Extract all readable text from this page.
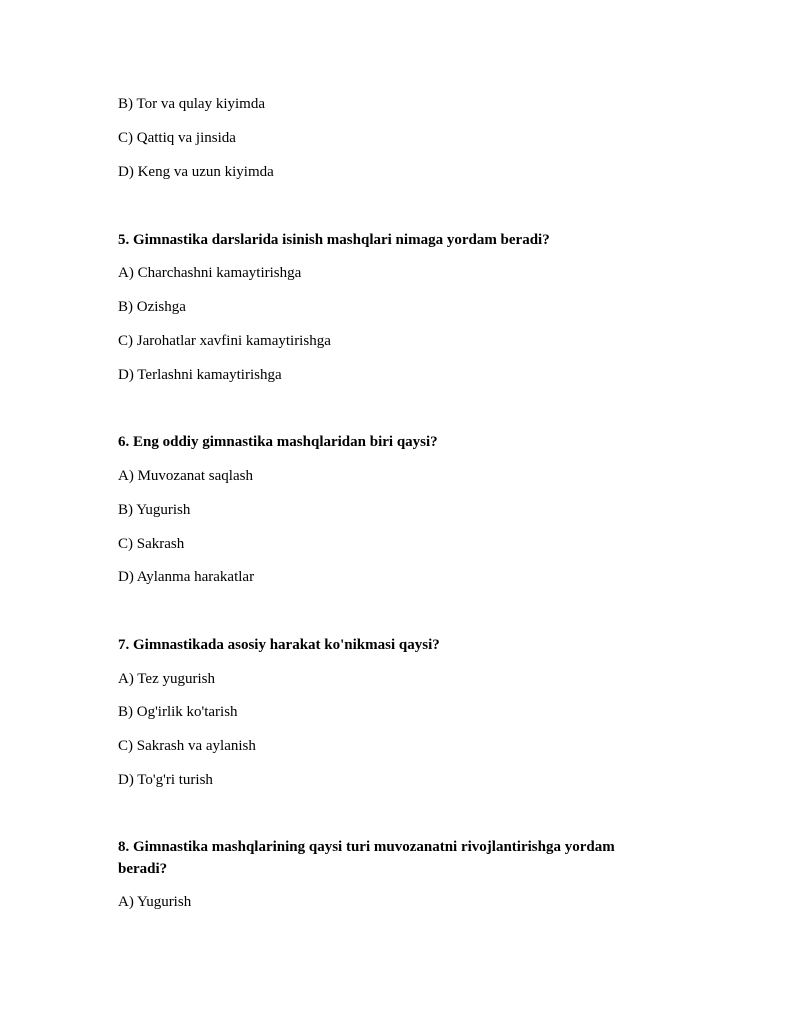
B) Tor va qulay kiyimda
C) Qattiq va jinsida
D) Keng va uzun kiyimda
5. Gimnastika darslarida isinish mashqlari nimaga yordam beradi?
A) Charchashni kamaytirishga
B) Ozishga
C) Jarohatlar xavfini kamaytirishga
D) Terlashni kamaytirishga
6. Eng oddiy gimnastika mashqlaridan biri qaysi?
A) Muvozanat saqlash
B) Yugurish
C) Sakrash
D) Aylanma harakatlar
7. Gimnastikada asosiy harakat ko'nikmasi qaysi?
A) Tez yugurish
B) Og'irlik ko'tarish
C) Sakrash va aylanish
D) To'g'ri turish
8. Gimnastika mashqlarining qaysi turi muvozanatni rivojlantirishga yordam beradi?
A) Yugurish
